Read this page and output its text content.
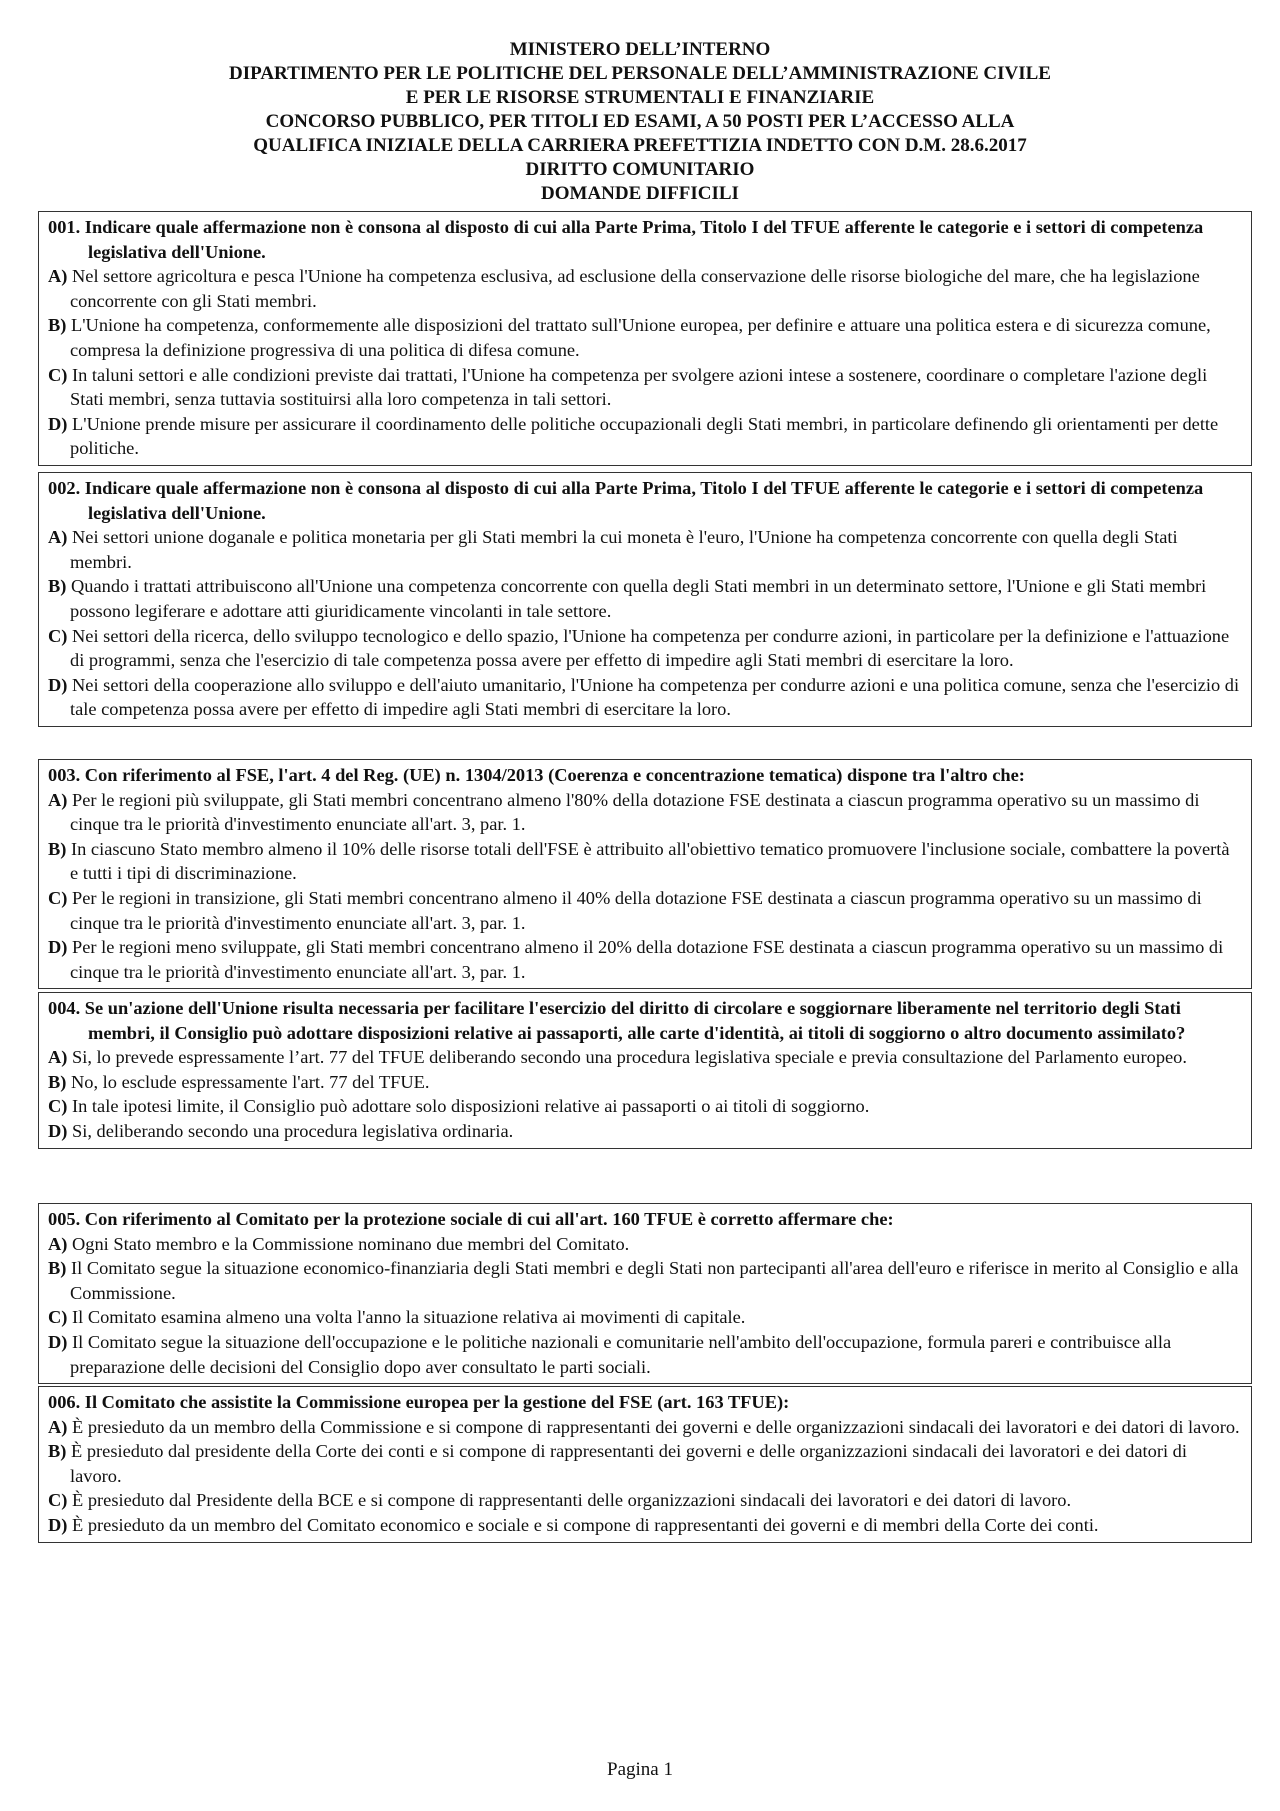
MINISTERO DELL’INTERNO
DIPARTIMENTO PER LE POLITICHE DEL PERSONALE DELL’AMMINISTRAZIONE CIVILE
E PER LE RISORSE STRUMENTALI E FINANZIARIE
CONCORSO PUBBLICO, PER TITOLI ED ESAMI, A 50 POSTI PER L’ACCESSO ALLA
QUALIFICA INIZIALE DELLA CARRIERA PREFETTIZIA INDETTO CON D.M. 28.6.2017
DIRITTO COMUNITARIO
DOMANDE DIFFICILI
001. Indicare quale affermazione non è consona al disposto di cui alla Parte Prima, Titolo I del TFUE afferente le categorie e i settori di competenza legislativa dell'Unione.
A) Nel settore agricoltura e pesca l'Unione ha competenza esclusiva, ad esclusione della conservazione delle risorse biologiche del mare, che ha legislazione concorrente con gli Stati membri.
B) L'Unione ha competenza, conformemente alle disposizioni del trattato sull'Unione europea, per definire e attuare una politica estera e di sicurezza comune, compresa la definizione progressiva di una politica di difesa comune.
C) In taluni settori e alle condizioni previste dai trattati, l'Unione ha competenza per svolgere azioni intese a sostenere, coordinare o completare l'azione degli Stati membri, senza tuttavia sostituirsi alla loro competenza in tali settori.
D) L'Unione prende misure per assicurare il coordinamento delle politiche occupazionali degli Stati membri, in particolare definendo gli orientamenti per dette politiche.
002. Indicare quale affermazione non è consona al disposto di cui alla Parte Prima, Titolo I del TFUE afferente le categorie e i settori di competenza legislativa dell'Unione.
A) Nei settori unione doganale e politica monetaria per gli Stati membri la cui moneta è l'euro, l'Unione ha competenza concorrente con quella degli Stati membri.
B) Quando i trattati attribuiscono all'Unione una competenza concorrente con quella degli Stati membri in un determinato settore, l'Unione e gli Stati membri possono legiferare e adottare atti giuridicamente vincolanti in tale settore.
C) Nei settori della ricerca, dello sviluppo tecnologico e dello spazio, l'Unione ha competenza per condurre azioni, in particolare per la definizione e l'attuazione di programmi, senza che l'esercizio di tale competenza possa avere per effetto di impedire agli Stati membri di esercitare la loro.
D) Nei settori della cooperazione allo sviluppo e dell'aiuto umanitario, l'Unione ha competenza per condurre azioni e una politica comune, senza che l'esercizio di tale competenza possa avere per effetto di impedire agli Stati membri di esercitare la loro.
003. Con riferimento al FSE, l'art. 4 del Reg. (UE) n. 1304/2013 (Coerenza e concentrazione tematica) dispone tra l'altro che:
A) Per le regioni più sviluppate, gli Stati membri concentrano almeno l'80% della dotazione FSE destinata a ciascun programma operativo su un massimo di cinque tra le priorità d'investimento enunciate all'art. 3, par. 1.
B) In ciascuno Stato membro almeno il 10% delle risorse totali dell'FSE è attribuito all'obiettivo tematico promuovere l'inclusione sociale, combattere la povertà e tutti i tipi di discriminazione.
C) Per le regioni in transizione, gli Stati membri concentrano almeno il 40% della dotazione FSE destinata a ciascun programma operativo su un massimo di cinque tra le priorità d'investimento enunciate all'art. 3, par. 1.
D) Per le regioni meno sviluppate, gli Stati membri concentrano almeno il 20% della dotazione FSE destinata a ciascun programma operativo su un massimo di cinque tra le priorità d'investimento enunciate all'art. 3, par. 1.
004. Se un'azione dell'Unione risulta necessaria per facilitare l'esercizio del diritto di circolare e soggiornare liberamente nel territorio degli Stati membri, il Consiglio può adottare disposizioni relative ai passaporti, alle carte d'identità, ai titoli di soggiorno o altro documento assimilato?
A) Si, lo prevede espressamente l’art. 77 del TFUE deliberando secondo una procedura legislativa speciale e previa consultazione del Parlamento europeo.
B) No, lo esclude espressamente l'art. 77 del TFUE.
C) In tale ipotesi limite, il Consiglio può adottare solo disposizioni relative ai passaporti o ai titoli di soggiorno.
D) Si, deliberando secondo una procedura legislativa ordinaria.
005. Con riferimento al Comitato per la protezione sociale di cui all'art. 160 TFUE è corretto affermare che:
A) Ogni Stato membro e la Commissione nominano due membri del Comitato.
B) Il Comitato segue la situazione economico-finanziaria degli Stati membri e degli Stati non partecipanti all'area dell'euro e riferisce in merito al Consiglio e alla Commissione.
C) Il Comitato esamina almeno una volta l'anno la situazione relativa ai movimenti di capitale.
D) Il Comitato segue la situazione dell'occupazione e le politiche nazionali e comunitarie nell'ambito dell'occupazione, formula pareri e contribuisce alla preparazione delle decisioni del Consiglio dopo aver consultato le parti sociali.
006. Il Comitato che assistite la Commissione europea per la gestione del FSE (art. 163 TFUE):
A) È presieduto da un membro della Commissione e si compone di rappresentanti dei governi e delle organizzazioni sindacali dei lavoratori e dei datori di lavoro.
B) È presieduto dal presidente della Corte dei conti e si compone di rappresentanti dei governi e delle organizzazioni sindacali dei lavoratori e dei datori di lavoro.
C) È presieduto dal Presidente della BCE e si compone di rappresentanti delle organizzazioni sindacali dei lavoratori e dei datori di lavoro.
D) È presieduto da un membro del Comitato economico e sociale e si compone di rappresentanti dei governi e di membri della Corte dei conti.
Pagina 1
